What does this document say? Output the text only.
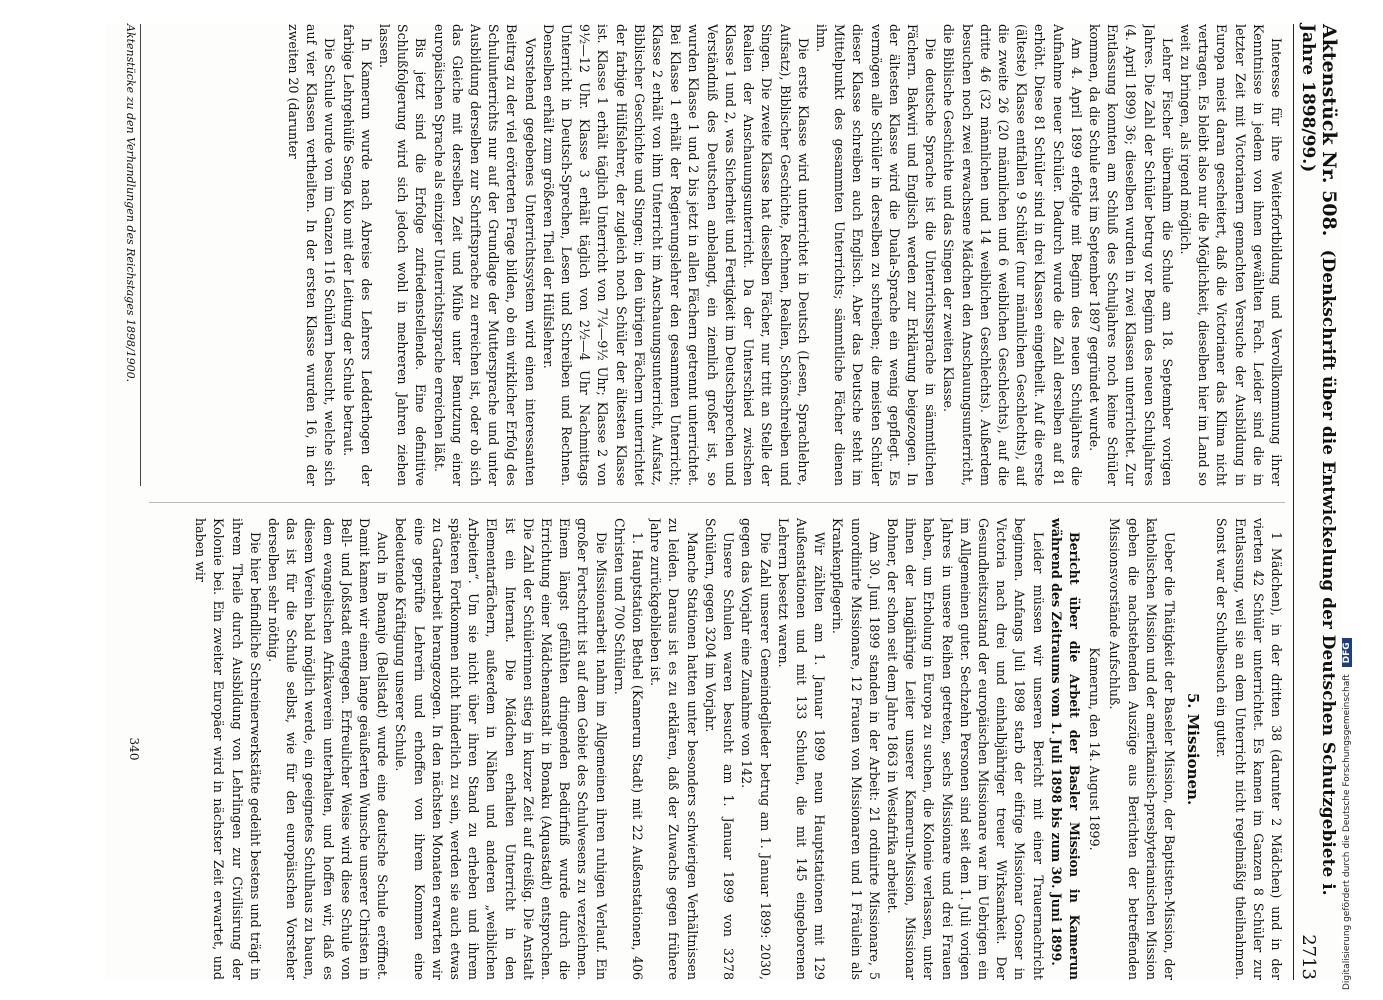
Aktenstück Nr. 508. (Denkschrift über die Entwickelung der Deutschen Schutzgebiete i. Jahre 1898/99.)
2713

Interesse für ihre Weiterfortbildung und Vervollkommnung ihrer Kenntnisse in jedem von ihnen gewählten Fach. Leider sind die in letzter Zeit mit Victorianern gemachten Versuche der Ausbildung in Europa meist daran gescheitert, daß die Victorianer das Klima nicht vertragen. Es bleibt also nur die Möglichkeit, dieselben hier im Land so weit zu bringen, als irgend möglich.

Lehrer Fischer übernahm die Schule am 18. September vorigen Jahres. Die Zahl der Schüler betrug vor Beginn des neuen Schuljahres (4. April 1899) 36; dieselben wurden in zwei Klassen unterrichtet. Zur Entlassung konnten am Schluß des Schuljahres noch keine Schüler kommen, da die Schule erst im September 1897 gegründet wurde.

Am 4. April 1899 erfolgte mit Beginn des neuen Schuljahres die Aufnahme neuer Schüler. Dadurch wurde die Zahl derselben auf 81 erhöht. Diese 81 Schüler sind in drei Klassen eingetheilt. Auf die erste (älteste) Klasse entfallen 9 Schüler (nur männlichen Geschlechts), auf die zweite 26 (20 männlichen und 6 weiblichen Geschlechts), auf die dritte 46 (32 männlichen und 14 weiblichen Geschlechts). Außerdem besuchen noch zwei erwachsene Mädchen den Anschauungsunterricht, die Biblische Geschichte und das Singen der zweiten Klasse.

Die deutsche Sprache ist die Unterrichtssprache in sämmtlichen Fächern. Bakwiri und Englisch werden zur Erklärung beigezogen. In der ältesten Klasse wird die Duala-Sprache ein wenig gepflegt. Es vermögen alle Schüler in derselben zu schreiben; die meisten Schüler dieser Klasse schreiben auch Englisch. Aber das Deutsche steht im Mittelpunkt des gesammten Unterrichts; sämmtliche Fächer dienen ihm.

Die erste Klasse wird unterrichtet in Deutsch (Lesen, Sprachlehre, Aufsatz), Biblischer Geschichte, Rechnen, Realien, Schönschreiben und Singen. Die zweite Klasse hat dieselben Fächer, nur tritt an Stelle der Realien der Anschauungsunterricht. Da der Unterschied zwischen Klasse 1 und 2, was Sicherheit und Fertigkeit im Deutschsprechen und Verständniß des Deutschen anbelangt, ein ziemlich großer ist, so wurden Klasse 1 und 2 bis jetzt in allen Fächern getrennt unterrichtet. Bei Klasse 1 erhält der Regierungslehrer den gesammten Unterricht; Klasse 2 erhält von ihm Unterricht im Anschauungsunterricht, Aufsatz, Biblischer Geschichte und Singen; in den übrigen Fächern unterrichtet der farbige Hülfslehrer, der zugleich noch Schüler der ältesten Klasse ist. Klasse 1 erhält täglich Unterricht von 7¼—9½ Uhr; Klasse 2 von 9½—12 Uhr. Klasse 3 erhält täglich von 2½—4 Uhr Nachmittags Unterricht in Deutsch-Sprechen, Lesen und Schreiben und Rechnen. Denselben erhält zum größeren Theil der Hülfslehrer.

Vorstehend gegebenes Unterrichtssystem wird einen interessanten Beitrag zu der viel erörterten Frage bilden, ob ein wirklicher Erfolg des Schulunterrichts nur auf der Grundlage der Muttersprache und unter Ausbildung derselben zur Schriftsprache zu erreichen ist, oder ob sich das Gleiche mit derselben Zeit und Mühe unter Benutzung einer europäischen Sprache als einziger Unterrichtssprache erreichen läßt.

Bis jetzt sind die Erfolge zufriedenstellende. Eine definitive Schlußfolgerung wird sich jedoch wohl in mehreren Jahren ziehen lassen.

In Kamerun wurde nach Abreise des Lehrers Ledderhogen der farbige Lehrgehülfe Senga Kuo mit der Leitung der Schule betraut.

Die Schule wurde von im Ganzen 116 Schülern besucht, welche sich auf vier Klassen vertheilten. In der ersten Klasse wurden 16, in der zweiten 20 (darunter

1 Mädchen), in der dritten 38 (darunter 2 Mädchen) und in der vierten 42 Schüler unterrichtet. Es kamen im Ganzen 8 Schüler zur Entlassung, weil sie an dem Unterricht nicht regelmäßig theilnahmen. Sonst war der Schulbesuch ein guter.

5. Missionen.

Ueber die Thätigkeit der Baseler Mission, der Baptisten-Mission, der katholischen Mission und der amerikanisch-presbyterianischen Mission geben die nachstehenden Auszüge aus Berichten der betreffenden Missionsvorstände Aufschluß.

Kamerun, den 14. August 1899.

Bericht über die Arbeit der Basler Mission in Kamerun während des Zeitraums vom 1. Juli 1898 bis zum 30. Juni 1899.

Leider müssen wir unseren Bericht mit einer Trauernachricht beginnen. Anfangs Juli 1898 starb der eifrige Missionar Gonser in Victoria nach drei und einhalbjähriger treuer Wirksamkeit. Der Gesundheitszustand der europäischen Missionare war im Uebrigen ein im Allgemeinen guter. Sechzehn Personen sind seit dem 1. Juli vorigen Jahres in unsere Reihen getreten, sechs Missionare und drei Frauen haben, um Erholung in Europa zu suchen, die Kolonie verlassen, unter ihnen der langjährige Leiter unserer Kamerun-Mission, Missionar Bohner, der schon seit dem Jahre 1863 in Westafrika arbeitet.

Am 30. Juni 1899 standen in der Arbeit: 21 ordinirte Missionare, 5 unordinirte Missionare, 12 Frauen von Missionaren und 1 Fräulein als Krankenpflegerin.

Wir zählten am 1. Januar 1899 neun Hauptstationen mit 129 Außenstationen und mit 133 Schulen, die mit 145 eingeborenen Lehrern besetzt waren.

Die Zahl unserer Gemeindeglieder betrug am 1. Januar 1899: 2030, gegen das Vorjahr eine Zunahme von 142.

Unsere Schulen waren besucht am 1. Januar 1899 von 3278 Schülern, gegen 3204 im Vorjahr.

Manche Stationen hatten unter besonders schwierigen Verhältnissen zu leiden. Daraus ist es zu erklären, daß der Zuwachs gegen frühere Jahre zurückgeblieben ist.

1. Hauptstation Bethel (Kamerun Stadt) mit 22 Außenstationen, 406 Christen und 700 Schülern.

Die Missionsarbeit nahm im Allgemeinen ihren ruhigen Verlauf. Ein großer Fortschritt ist auf dem Gebiet des Schulwesens zu verzeichnen. Einem längst gefühlten dringenden Bedürfniß wurde durch die Errichtung einer Mädchenanstalt in Bonaku (Aquastadt) entsprochen. Die Zahl der Schülerinnen stieg in kurzer Zeit auf dreißig. Die Anstalt ist ein Internat. Die Mädchen erhalten Unterricht in den Elementarfächern, außerdem in Nähen und anderen „weiblichen Arbeiten“. Um sie nicht über ihren Stand zu erheben und ihrem späteren Fortkommen nicht hinderlich zu sein, werden sie auch etwas zu Gartenarbeit herangezogen. In den nächsten Monaten erwarten wir eine geprüfte Lehrerin und erhoffen von ihrem Kommen eine bedeutende Kräftigung unserer Schule.

Auch in Bonanjo (Bellstadt) wurde eine deutsche Schule eröffnet. Damit kamen wir einem lange geäußerten Wunsche unserer Christen in Bell- und Joßstadt entgegen. Erfreulicher Weise wird diese Schule von dem evangelischen Afrikaverein unterhalten, und hoffen wir, daß es diesem Verein bald möglich werde, ein geeignetes Schulhaus zu bauen, das ist für die Schule selbst, wie für den europäischen Vorsteher derselben sehr nöthig.

Die hier befindliche Schreinerwerkstätte gedeiht bestens und trägt in ihrem Theile durch Ausbildung von Lehrlingen zur Civilisirung der Kolonie bei. Ein zweiter Europäer wird in nächster Zeit erwartet, und haben wir

Aktenstücke zu den Verhandlungen des Reichstages 1898/1900.
340	Digitalisierung gefördert durch die Deutsche Forschungsgemeinschaft DFG
